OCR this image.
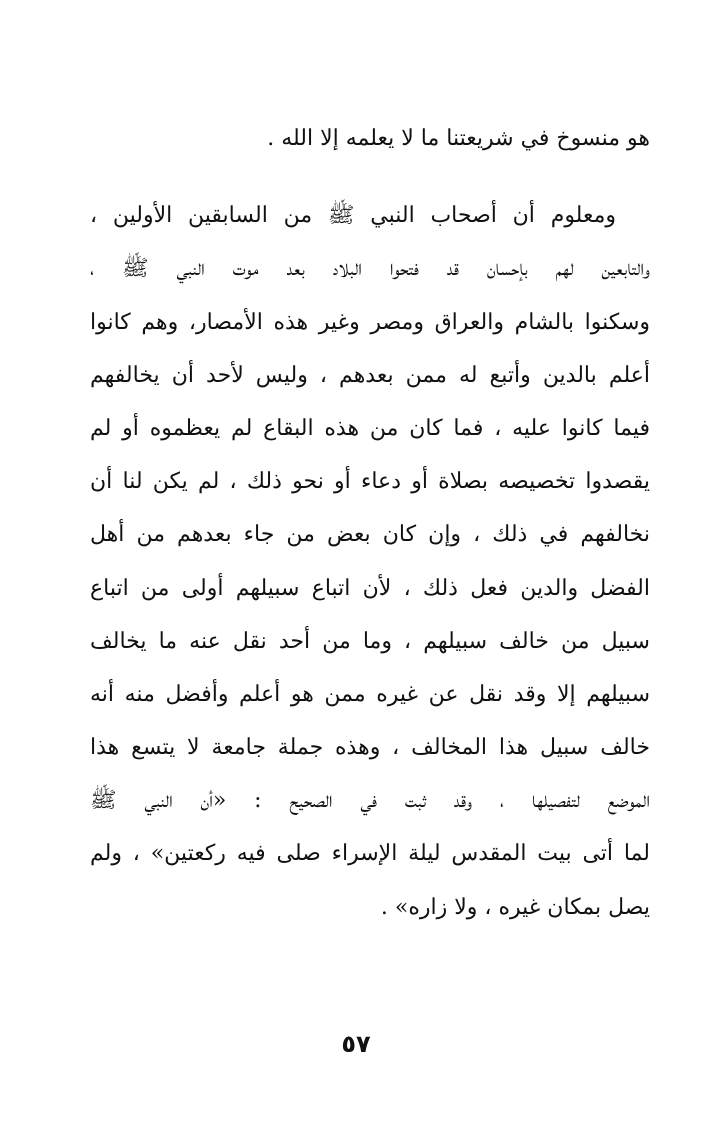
هو منسوخ في شريعتنا ما لا يعلمه إلا الله .
ومعلوم أن أصحاب النبي ﷺ من السابقين الأولين ،
والتابعين لهم بإحسان قد فتحوا البلاد بعد موت النبي ﷺ ،
وسكنوا بالشام والعراق ومصر وغير هذه الأمصار، وهم كانوا
أعلم بالدين وأتبع له ممن بعدهم ، وليس لأحد أن يخالفهم
فيما كانوا عليه ، فما كان من هذه البقاع لم يعظموه أو لم
يقصدوا تخصيصه بصلاة أو دعاء أو نحو ذلك ، لم يكن لنا أن
نخالفهم في ذلك ، وإن كان بعض من جاء بعدهم من أهل
الفضل والدين فعل ذلك ، لأن اتباع سبيلهم أولى من اتباع
سبيل من خالف سبيلهم ، وما من أحد نقل عنه ما يخالف
سبيلهم إلا وقد نقل عن غيره ممن هو أعلم وأفضل منه أنه
خالف سبيل هذا المخالف ، وهذه جملة جامعة لا يتسع هذا
الموضع لتفصيلها ، وقد ثبت في الصحيح : «أن النبي ﷺ
لما أتى بيت المقدس ليلة الإسراء صلى فيه ركعتين» ، ولم
يصل بمكان غيره ، ولا زاره» .
٥٧
